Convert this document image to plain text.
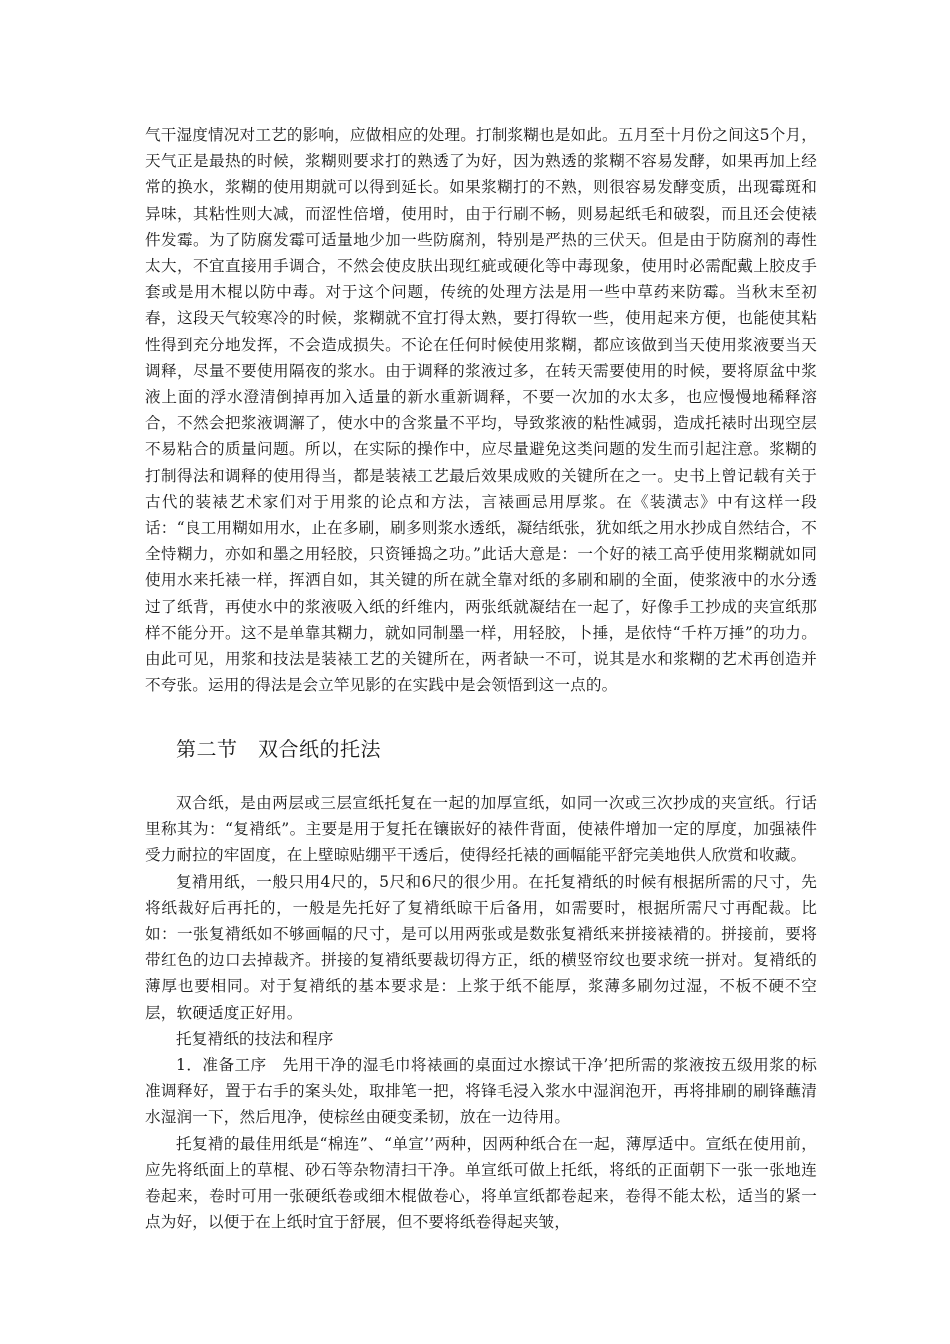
气干湿度情况对工艺的影响，应做相应的处理。打制浆糊也是如此。五月至十月份之间这5个月，天气正是最热的时候，浆糊则要求打的熟透了为好，因为熟透的浆糊不容易发酵，如果再加上经常的换水，浆糊的使用期就可以得到延长。如果浆糊打的不熟，则很容易发酵变质，出现霉斑和异味，其粘性则大减，而涩性倍增，使用时，由于行刷不畅，则易起纸毛和破裂，而且还会使裱件发霉。为了防腐发霉可适量地少加一些防腐剂，特别是严热的三伏天。但是由于防腐剂的毒性太大，不宜直接用手调合，不然会使皮肤出现红疵或硬化等中毒现象，使用时必需配戴上胶皮手套或是用木棍以防中毒。对于这个问题，传统的处理方法是用一些中草药来防霉。当秋末至初春，这段天气较寒冷的时候，浆糊就不宜打得太熟，要打得软一些，使用起来方便，也能使其粘性得到充分地发挥，不会造成损失。不论在任何时候使用浆糊，都应该做到当天使用浆液要当天调释，尽量不要使用隔夜的浆水。由于调释的浆液过多，在转天需要使用的时候，要将原盆中浆液上面的浮水澄清倒掉再加入适量的新水重新调释，不要一次加的水太多，也应慢慢地稀释溶合，不然会把浆液调澥了，使水中的含浆量不平均，导致浆液的粘性减弱，造成托裱时出现空层不易粘合的质量问题。所以，在实际的操作中，应尽量避免这类问题的发生而引起注意。浆糊的打制得法和调释的使用得当，都是装裱工艺最后效果成败的关键所在之一。史书上曾记载有关于古代的装裱艺术家们对于用浆的论点和方法，言裱画忌用厚浆。在《装潢志》中有这样一段话：“良工用糊如用水，止在多刷，刷多则浆水透纸，凝结纸张，犹如纸之用水抄成自然结合，不全恃糊力，亦如和墨之用轻胶，只资锤捣之功。”此话大意是：一个好的裱工高乎使用浆糊就如同使用水来托裱一样，挥洒自如，其关键的所在就全靠对纸的多刷和刷的全面，使浆液中的水分透过了纸背，再使水中的浆液吸入纸的纤维内，两张纸就凝结在一起了，好像手工抄成的夹宣纸那样不能分开。这不是单靠其糊力，就如同制墨一样，用轻胶，卜捶，是依恃“千杵万捶”的功力。由此可见，用浆和技法是装裱工艺的关键所在，两者缺一不可，说其是水和浆糊的艺术再创造并不夸张。运用的得法是会立竿见影的在实践中是会领悟到这一点的。

第二节　双合纸的托法

双合纸，是由两层或三层宣纸托复在一起的加厚宣纸，如同一次或三次抄成的夹宣纸。行话里称其为：“复褙纸”。主要是用于复托在镶嵌好的裱件背面，使裱件增加一定的厚度，加强裱件受力耐拉的牢固度，在上壁晾贴绷平干透后，使得经托裱的画幅能平舒完美地供人欣赏和收藏。

复褙用纸，一般只用4尺的，5尺和6尺的很少用。在托复褙纸的时候有根据所需的尺寸，先将纸裁好后再托的，一般是先托好了复褙纸晾干后备用，如需要时，根据所需尺寸再配裁。比如：一张复褙纸如不够画幅的尺寸，是可以用两张或是数张复褙纸来拼接裱褙的。拼接前，要将带红色的边口去掉裁齐。拼接的复褙纸要裁切得方正，纸的横竖帘纹也要求统一拼对。复褙纸的薄厚也要相同。对于复褙纸的基本要求是：上浆于纸不能厚，浆薄多刷勿过湿，不板不硬不空层，软硬适度正好用。

托复褙纸的技法和程序

1．准备工序　先用干净的湿毛巾将裱画的桌面过水擦试干净’把所需的浆液按五级用浆的标准调释好，置于右手的案头处，取排笔一把，将锋毛浸入浆水中湿润泡开，再将排刷的刷锋蘸清水湿润一下，然后甩净，使棕丝由硬变柔韧，放在一边待用。

托复褙的最佳用纸是“棉连”、“单宣’’两种，因两种纸合在一起，薄厚适中。宣纸在使用前，应先将纸面上的草棍、砂石等杂物清扫干净。单宣纸可做上托纸，将纸的正面朝下一张一张地连卷起来，卷时可用一张硬纸卷或细木棍做卷心，将单宣纸都卷起来，卷得不能太松，适当的紧一点为好，以便于在上纸时宜于舒展，但不要将纸卷得起夹皱，
